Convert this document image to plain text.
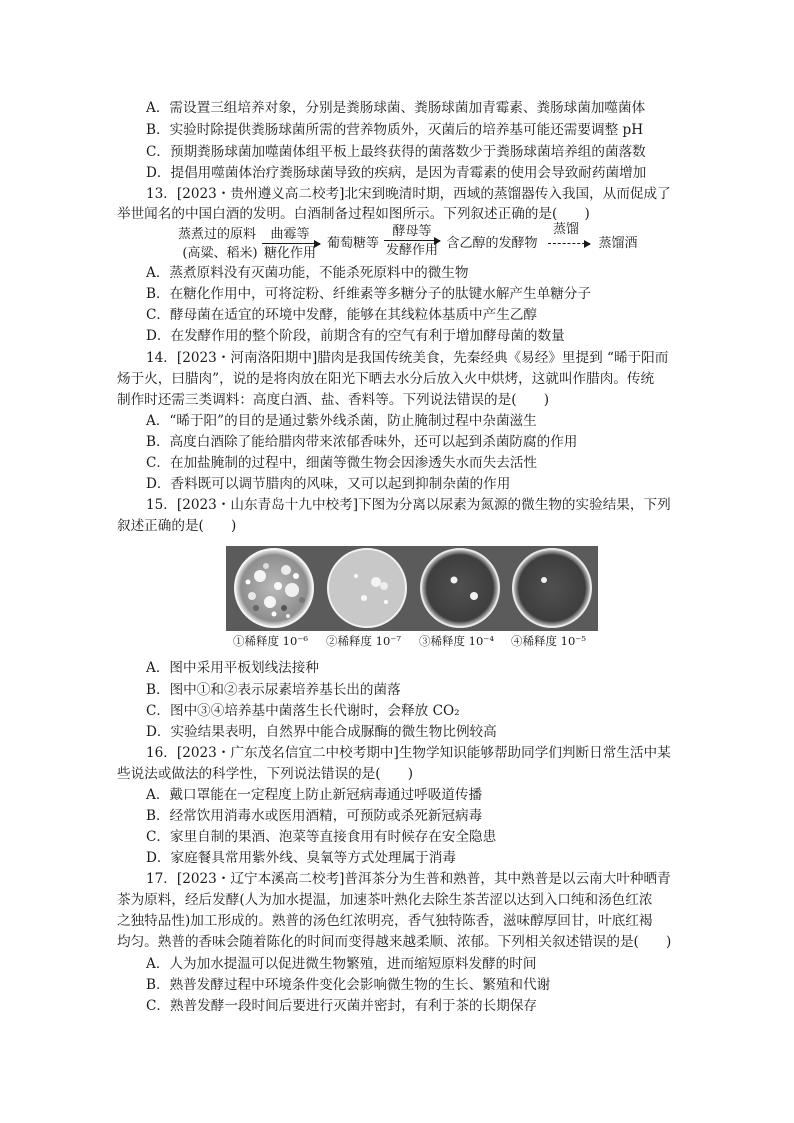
A．需设置三组培养对象，分别是粪肠球菌、粪肠球菌加青霉素、粪肠球菌加噬菌体
B．实验时除提供粪肠球菌所需的营养物质外，灭菌后的培养基可能还需要调整 pH
C．预期粪肠球菌加噬菌体组平板上最终获得的菌落数少于粪肠球菌培养组的菌落数
D．提倡用噬菌体治疗粪肠球菌导致的疾病，是因为青霉素的使用会导致耐药菌增加
13．[2023・贵州遵义高二校考]北宋到晚清时期，西域的蒸馏器传入我国，从而促成了
举世闻名的中国白酒的发明。白酒制备过程如图所示。下列叙述正确的是(　　)
蒸煮过的原料
(高粱、稻米)
曲霉等
糖化作用
葡萄糖等
酵母等
发酵作用 含乙醇的发酵物
蒸馏
蒸馏酒
A．蒸煮原料没有灭菌功能，不能杀死原料中的微生物
B．在糖化作用中，可将淀粉、纤维素等多糖分子的肽键水解产生单糖分子
C．酵母菌在适宜的环境中发酵，能够在其线粒体基质中产生乙醇
D．在发酵作用的整个阶段，前期含有的空气有利于增加酵母菌的数量
14．[2023・河南洛阳期中]腊肉是我国传统美食，先秦经典《易经》里提到 “晞于阳而
炀于火，曰腊肉”，说的是将肉放在阳光下晒去水分后放入火中烘烤，这就叫作腊肉。传统
制作时还需三类调料：高度白酒、盐、香料等。下列说法错误的是(　　)
A．“晞于阳”的目的是通过紫外线杀菌，防止腌制过程中杂菌滋生
B．高度白酒除了能给腊肉带来浓郁香味外，还可以起到杀菌防腐的作用
C．在加盐腌制的过程中，细菌等微生物会因渗透失水而失去活性
D．香料既可以调节腊肉的风味，又可以起到抑制杂菌的作用
15．[2023・山东青岛十九中校考]下图为分离以尿素为氮源的微生物的实验结果，下列
叙述正确的是(　　)
①稀释度 10⁻⁶ ②稀释度 10⁻⁷ ③稀释度 10⁻⁴ ④稀释度 10⁻⁵
A．图中采用平板划线法接种
B．图中①和②表示尿素培养基长出的菌落
C．图中③④培养基中菌落生长代谢时，会释放 CO₂
D．实验结果表明，自然界中能合成脲酶的微生物比例较高
16．[2023・广东茂名信宜二中校考期中]生物学知识能够帮助同学们判断日常生活中某
些说法或做法的科学性，下列说法错误的是(　　)
A．戴口罩能在一定程度上防止新冠病毒通过呼吸道传播
B．经常饮用消毒水或医用酒精，可预防或杀死新冠病毒
C．家里自制的果酒、泡菜等直接食用有时候存在安全隐患
D．家庭餐具常用紫外线、臭氧等方式处理属于消毒
17．[2023・辽宁本溪高二校考]普洱茶分为生普和熟普，其中熟普是以云南大叶种晒青
茶为原料，经后发酵(人为加水提温，加速茶叶熟化去除生茶苦涩以达到入口纯和汤色红浓
之独特品性)加工形成的。熟普的汤色红浓明亮，香气独特陈香，滋味醇厚回甘，叶底红褐
均匀。熟普的香味会随着陈化的时间而变得越来越柔顺、浓郁。下列相关叙述错误的是(　　)
A．人为加水提温可以促进微生物繁殖，进而缩短原料发酵的时间
B．熟普发酵过程中环境条件变化会影响微生物的生长、繁殖和代谢
C．熟普发酵一段时间后要进行灭菌并密封，有利于茶的长期保存
